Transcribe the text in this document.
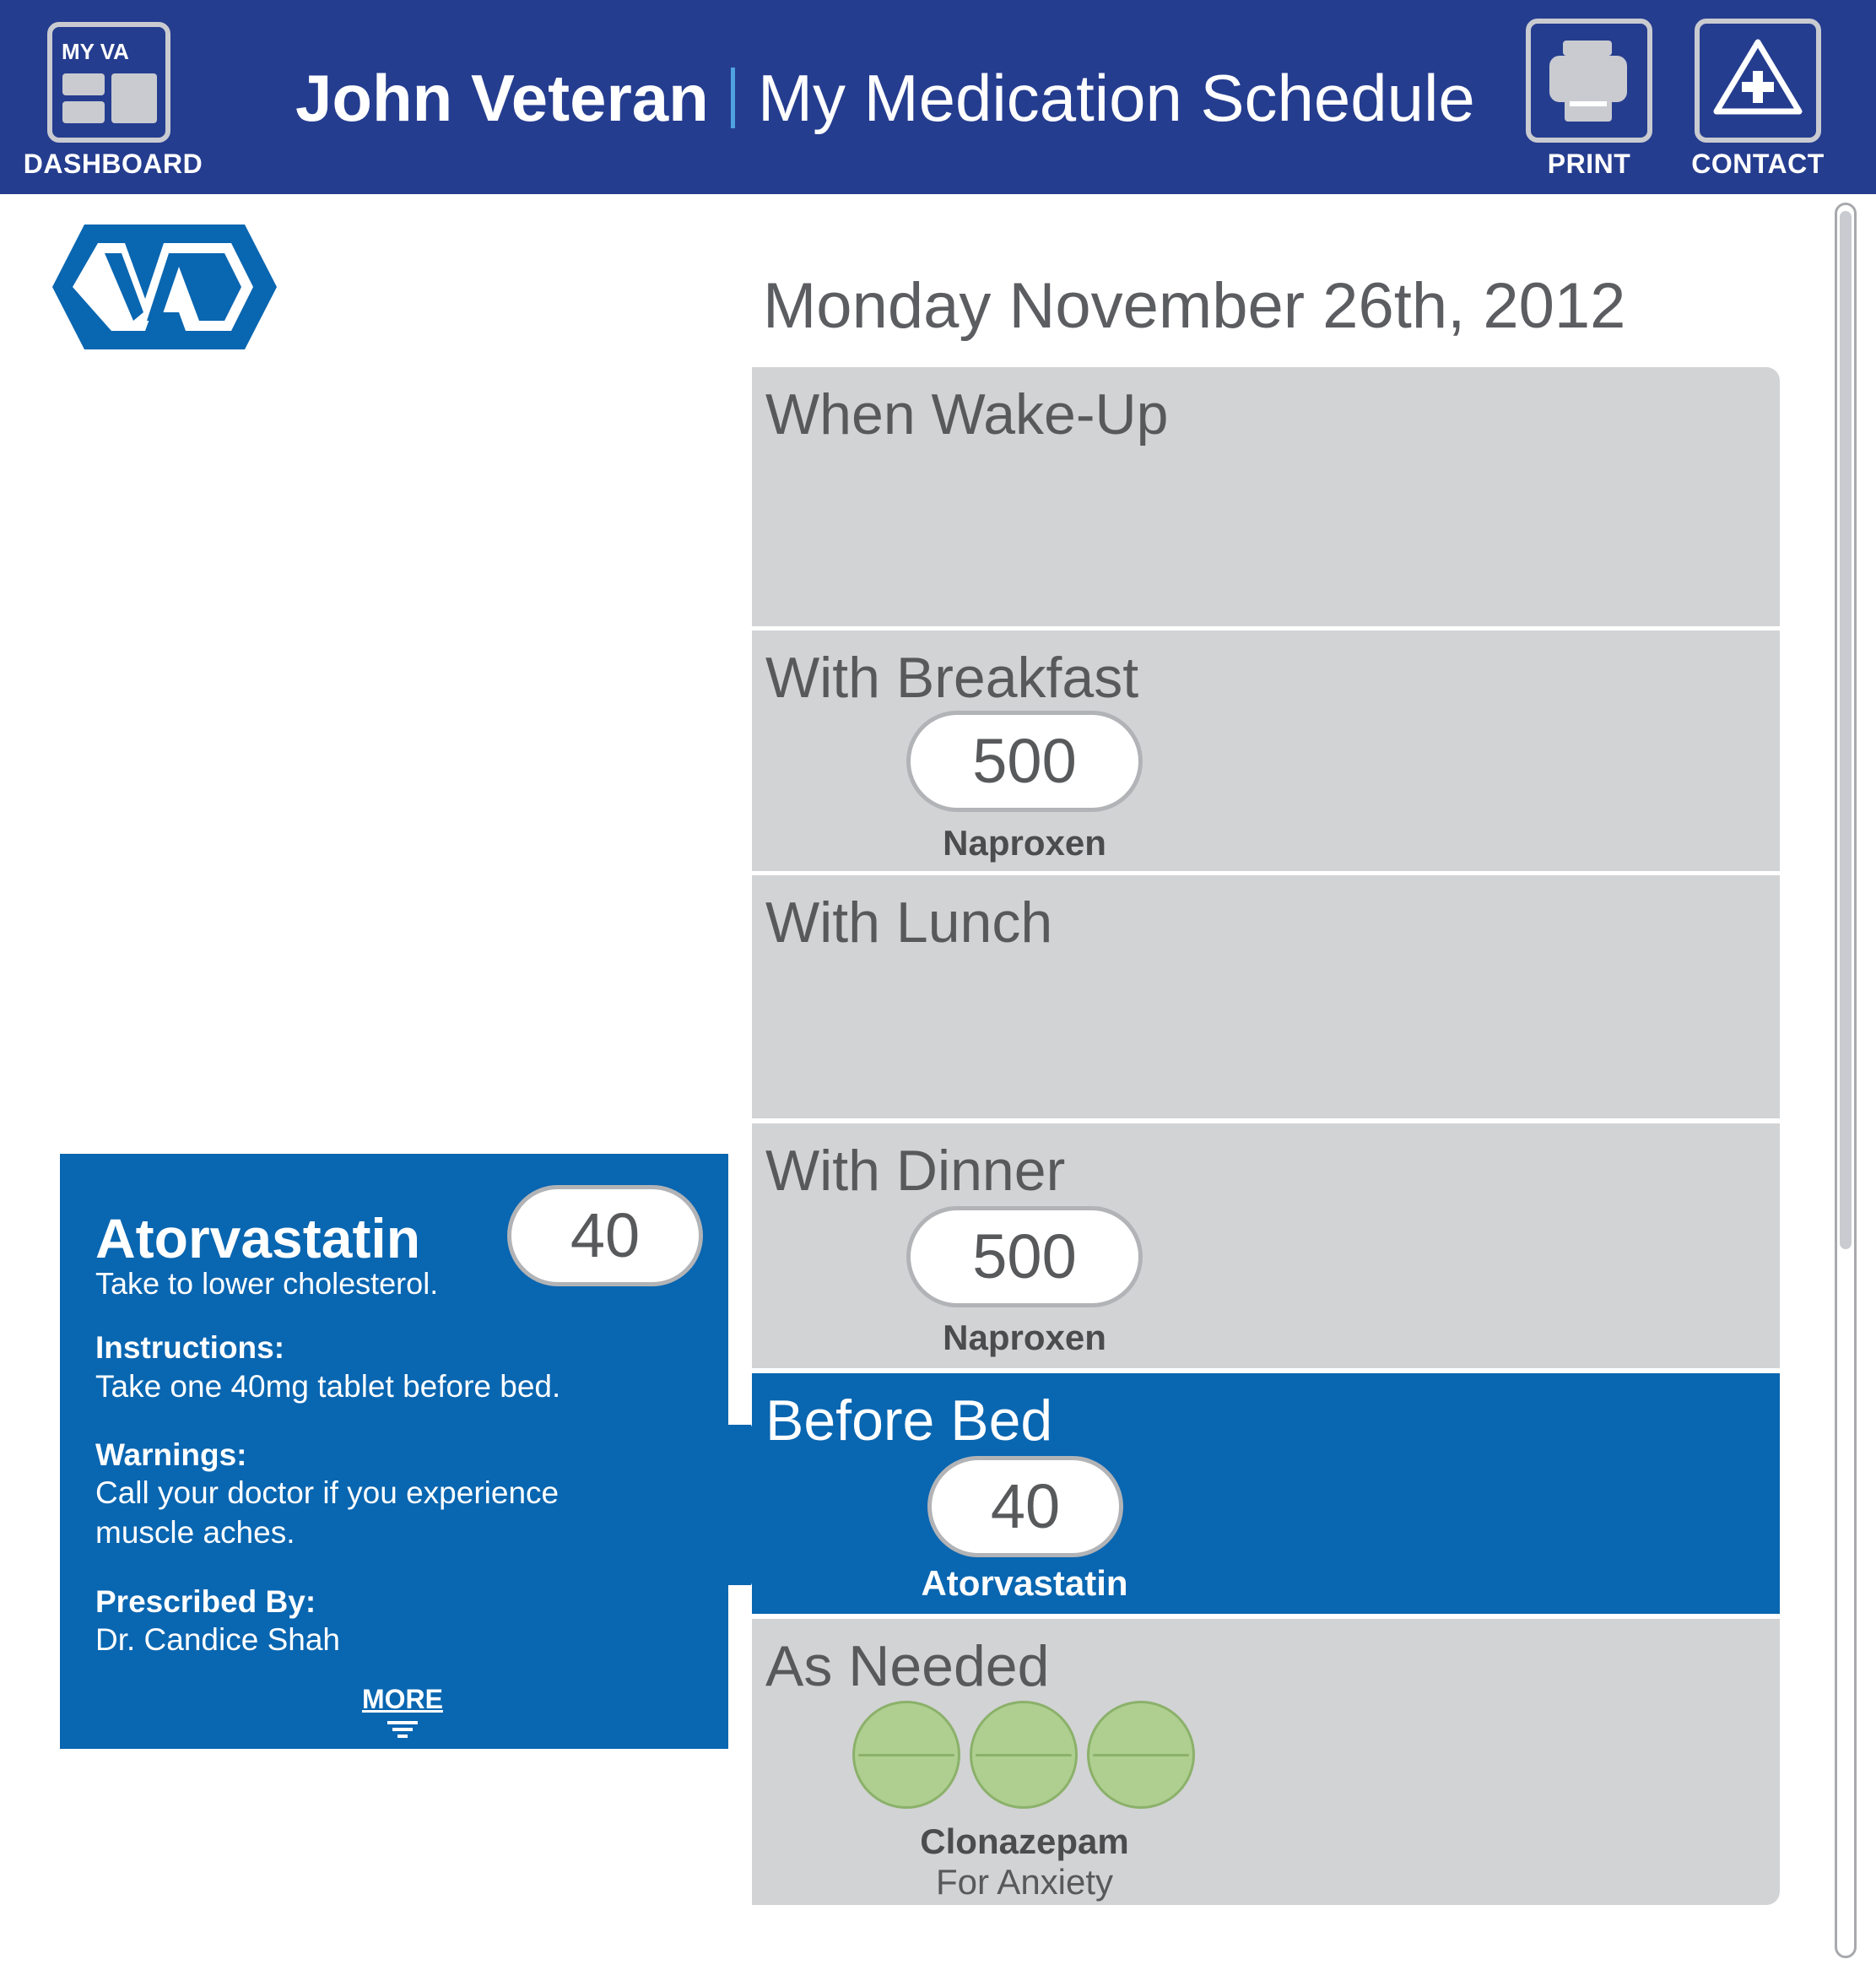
MY VA
DASHBOARD
John Veteran My Medication Schedule
PRINT	CONTACT
Monday November 26th, 2012
When Wake-Up
With Breakfast
500
Naproxen
With Lunch
With Dinner
500
Naproxen
Before Bed
40
Atorvastatin
As Needed
Clonazepam
For Anxiety
Atorvastatin	40
Take to lower cholesterol.
Instructions:
Take one 40mg tablet before bed.
Warnings:
Call your doctor if you experience
muscle aches.
Prescribed By:
Dr. Candice Shah
MORE
